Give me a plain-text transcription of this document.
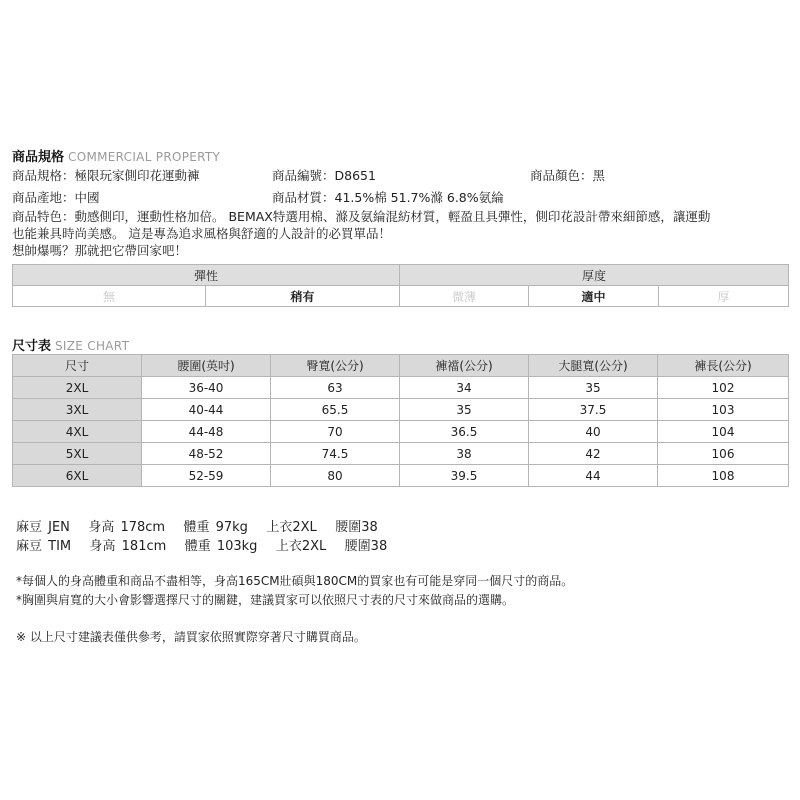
商品規格 COMMERCIAL PROPERTY
商品規格：極限玩家側印花運動褲	商品編號：D8651	商品顏色：黑
商品產地：中國	商品材質：41.5%棉 51.7%滌 6.8%氨綸
商品特色：動感側印，運動性格加倍。 BEMAX特選用棉、滌及氨綸混紡材質，輕盈且具彈性，側印花設計帶來細節感，讓運動
也能兼具時尚美感。 這是專為追求風格與舒適的人設計的必買單品！
想帥爆嗎？那就把它帶回家吧！
彈性		厚度		
無	稍有	微薄	適中	厚
尺寸表 SIZE CHART
尺寸	腰圍(英吋)	臀寬(公分)	褲襠(公分)	大腿寬(公分)	褲長(公分)
2XL	36-40	63	34	35	102
3XL	40-44	65.5	35	37.5	103
4XL	44-48	70	36.5	40	104
5XL	48-52	74.5	38	42	106
6XL	52-59	80	39.5	44	108
麻豆 JEN 身高 178cm 體重 97kg 上衣2XL 腰圍38
麻豆 TIM 身高 181cm 體重 103kg 上衣2XL 腰圍38
*每個人的身高體重和商品不盡相等，身高165CM壯碩與180CM的買家也有可能是穿同一個尺寸的商品。
*胸圍與肩寬的大小會影響選擇尺寸的關鍵，建議買家可以依照尺寸表的尺寸來做商品的選購。
※ 以上尺寸建議表僅供參考，請買家依照實際穿著尺寸購買商品。
